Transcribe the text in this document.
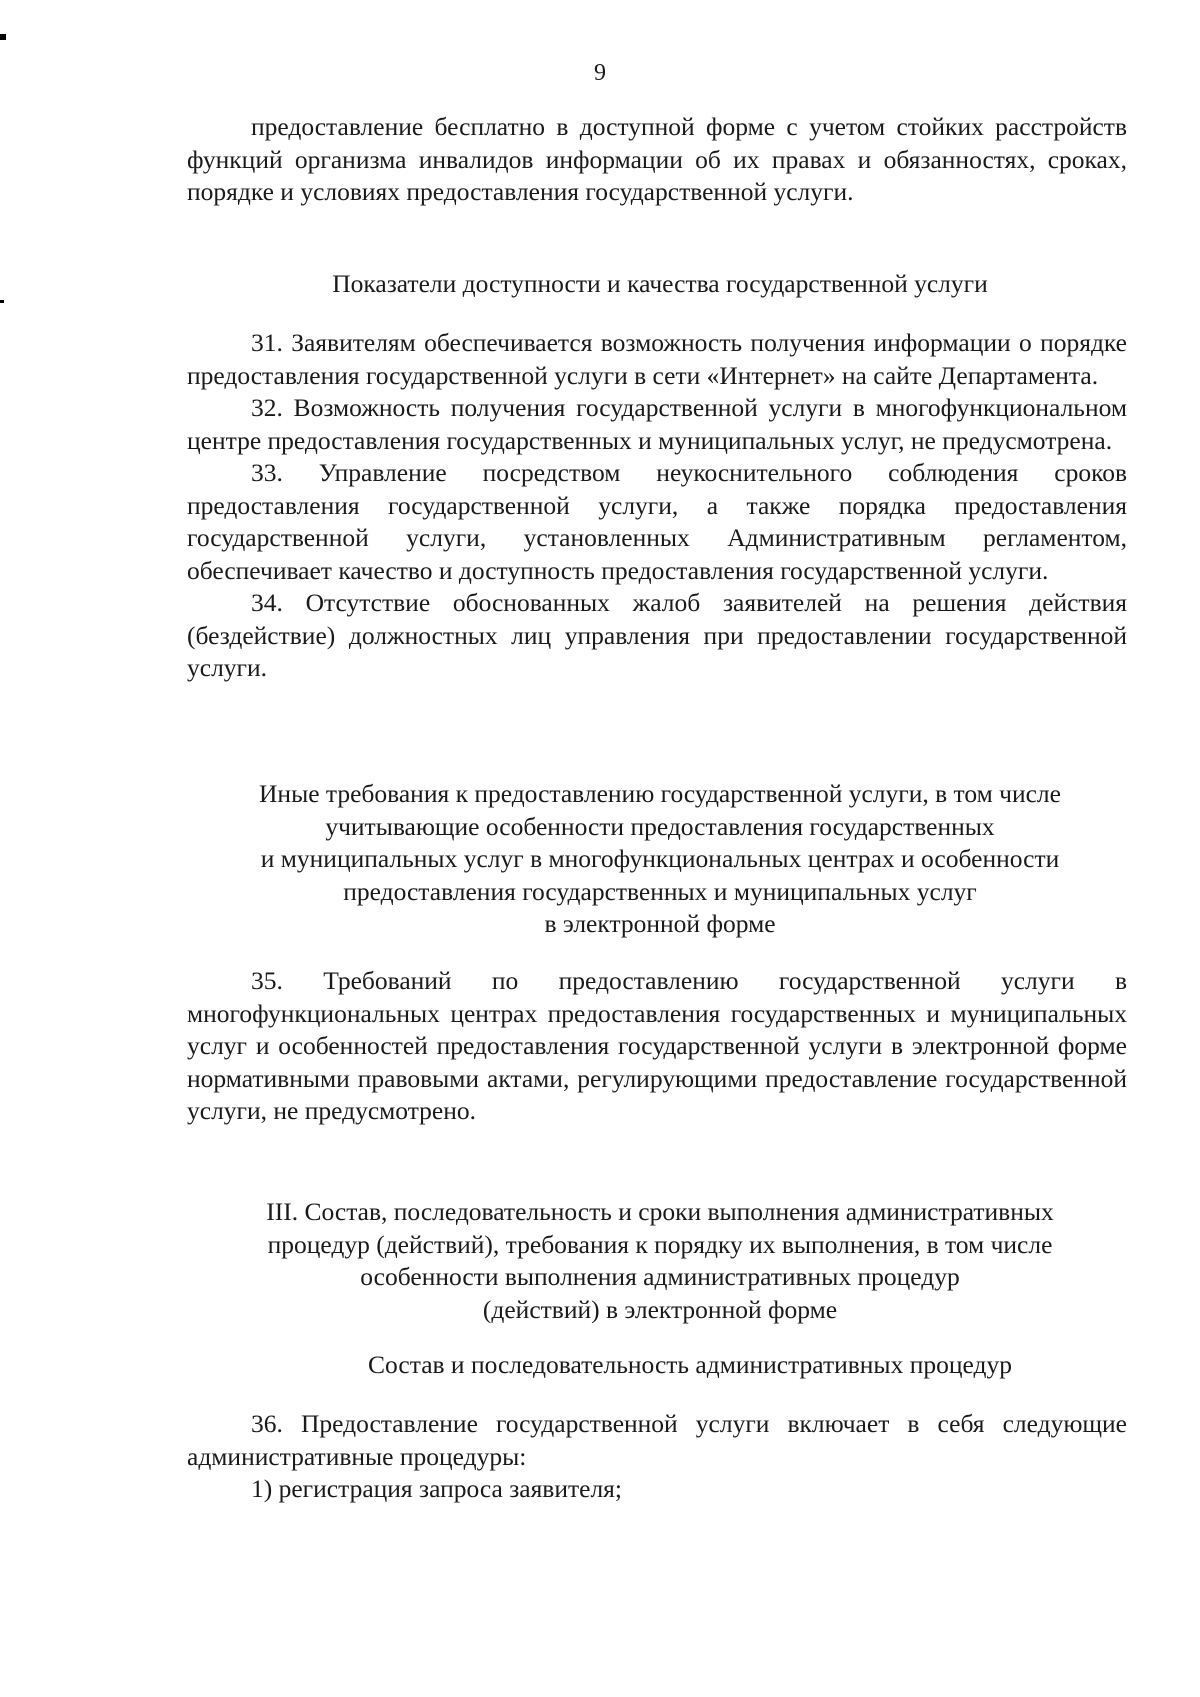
9

предоставление бесплатно в доступной форме с учетом стойких расстройств функций организма инвалидов информации об их правах и обязанностях, сроках, порядке и условиях предоставления государственной услуги.

Показатели доступности и качества государственной услуги

31. Заявителям обеспечивается возможность получения информации о порядке предоставления государственной услуги в сети «Интернет» на сайте Департамента.

32. Возможность получения государственной услуги в многофункциональном центре предоставления государственных и муниципальных услуг, не предусмотрена.

33. Управление посредством неукоснительного соблюдения сроков предоставления государственной услуги, а также порядка предоставления государственной услуги, установленных Административным регламентом, обеспечивает качество и доступность предоставления государственной услуги.

34. Отсутствие обоснованных жалоб заявителей на решения действия (бездействие) должностных лиц управления при предоставлении государственной услуги.

Иные требования к предоставлению государственной услуги, в том числе
учитывающие особенности предоставления государственных
и муниципальных услуг в многофункциональных центрах и особенности
предоставления государственных и муниципальных услуг
в электронной форме

35. Требований по предоставлению государственной услуги в многофункциональных центрах предоставления государственных и муниципальных услуг и особенностей предоставления государственной услуги в электронной форме нормативными правовыми актами, регулирующими предоставление государственной услуги, не предусмотрено.

III. Состав, последовательность и сроки выполнения административных
процедур (действий), требования к порядку их выполнения, в том числе
особенности выполнения административных процедур
(действий) в электронной форме

Состав и последовательность административных процедур

36. Предоставление государственной услуги включает в себя следующие административные процедуры:

1) регистрация запроса заявителя;
